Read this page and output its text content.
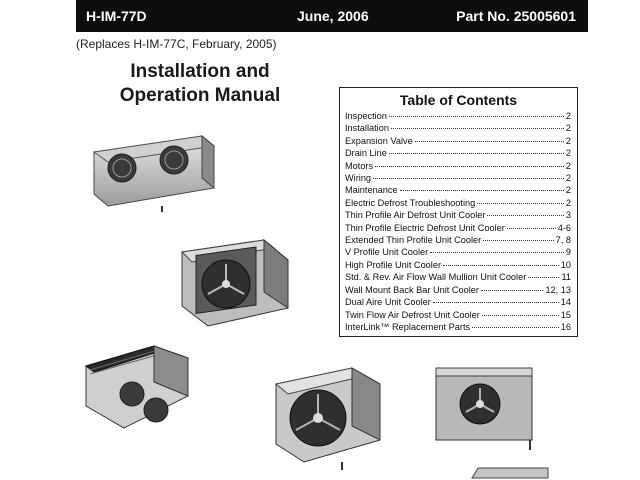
H-IM-77D	June, 2006	Part No. 25005601
(Replaces H-IM-77C, February, 2005)
Installation and
Operation Manual	Table of Contents
Inspection	2
Installation	2
Expansion Valve	2
Drain Line	2
Motors	2
Wiring	2
Maintenance	2
Electric Defrost Troubleshooting	2
Thin Profile Air Defrost Unit Cooler	3
Thin Profile Electric Defrost Unit Cooler	4-6
Extended Thin Profile Unit Cooler	7, 8
V Profile Unit Cooler	9
High Profile Unit Cooler	10
Std. & Rev. Air Flow Wall Mullion Unit Cooler	11
Wall Mount Back Bar Unit Cooler	12, 13
Dual Aire Unit Cooler	14
Twin Flow Air Defrost Unit Cooler	15
InterLink™ Replacement Parts	16
